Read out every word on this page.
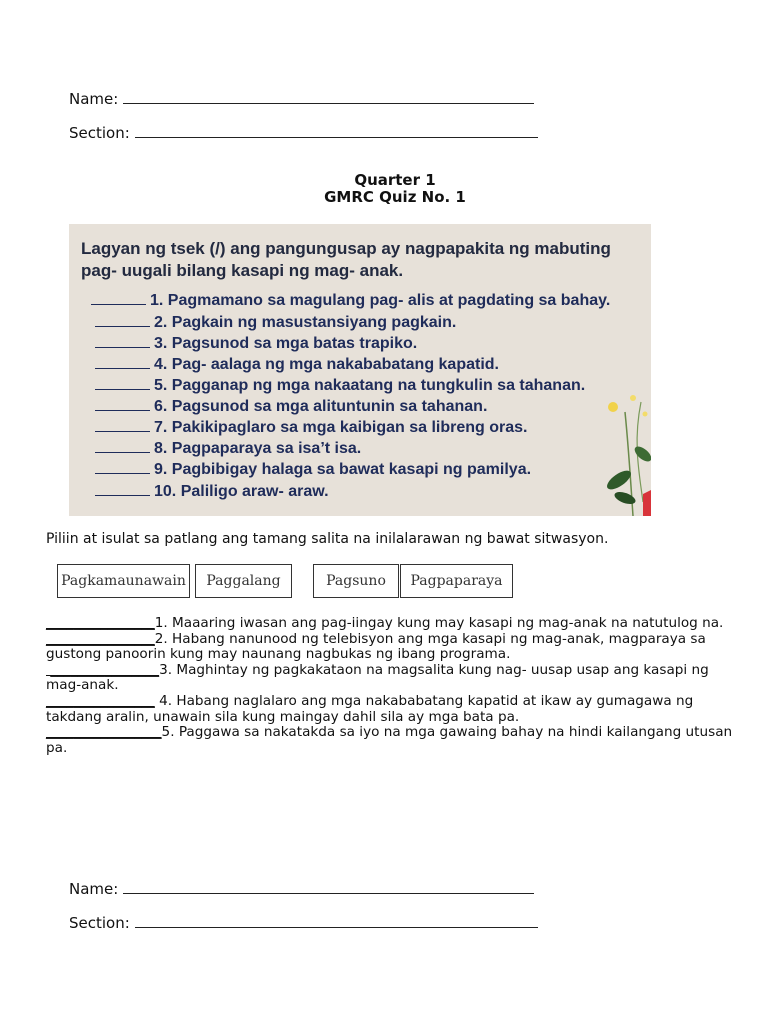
Name:
Section:
Quarter 1
GMRC Quiz No. 1
Lagyan ng tsek (/) ang pangungusap ay nagpapakita ng mabuting pag- uugali bilang kasapi ng mag- anak.
1. Pagmamano sa magulang pag- alis at pagdating sa bahay.
2. Pagkain ng masustansiyang pagkain.
3. Pagsunod sa mga batas trapiko.
4. Pag- aalaga ng mga nakababatang kapatid.
5. Pagganap ng mga nakaatang na tungkulin sa tahanan.
6. Pagsunod sa mga alituntunin sa tahanan.
7. Pakikipaglaro sa mga kaibigan sa libreng oras.
8. Pagpaparaya sa isa’t isa.
9. Pagbibigay halaga sa bawat kasapi ng pamilya.
10. Paliligo araw- araw.
Piliin at isulat sa patlang ang tamang salita na inilalarawan ng bawat sitwasyon.
Pagkamaunawain	Paggalang	Pagsuno	Pagpaparaya

________________1. Maaaring iwasan ang pag-iingay kung may kasapi ng mag-anak na natutulog na.

________________2. Habang nanunood ng telebisyon ang mga kasapi ng mag-anak, magparaya sa gustong panoorin kung may naunang nagbukas ng ibang programa.

________________3. Maghintay ng pagkakataon na magsalita kung nag- uusap usap ang kasapi ng mag-anak.

________________ 4. Habang naglalaro ang mga nakababatang kapatid at ikaw ay gumagawa ng takdang aralin, unawain sila kung maingay dahil sila ay mga bata pa.

_________________5. Paggawa sa nakatakda sa iyo na mga gawaing bahay na hindi kailangang utusan pa.

Name:
Section:
